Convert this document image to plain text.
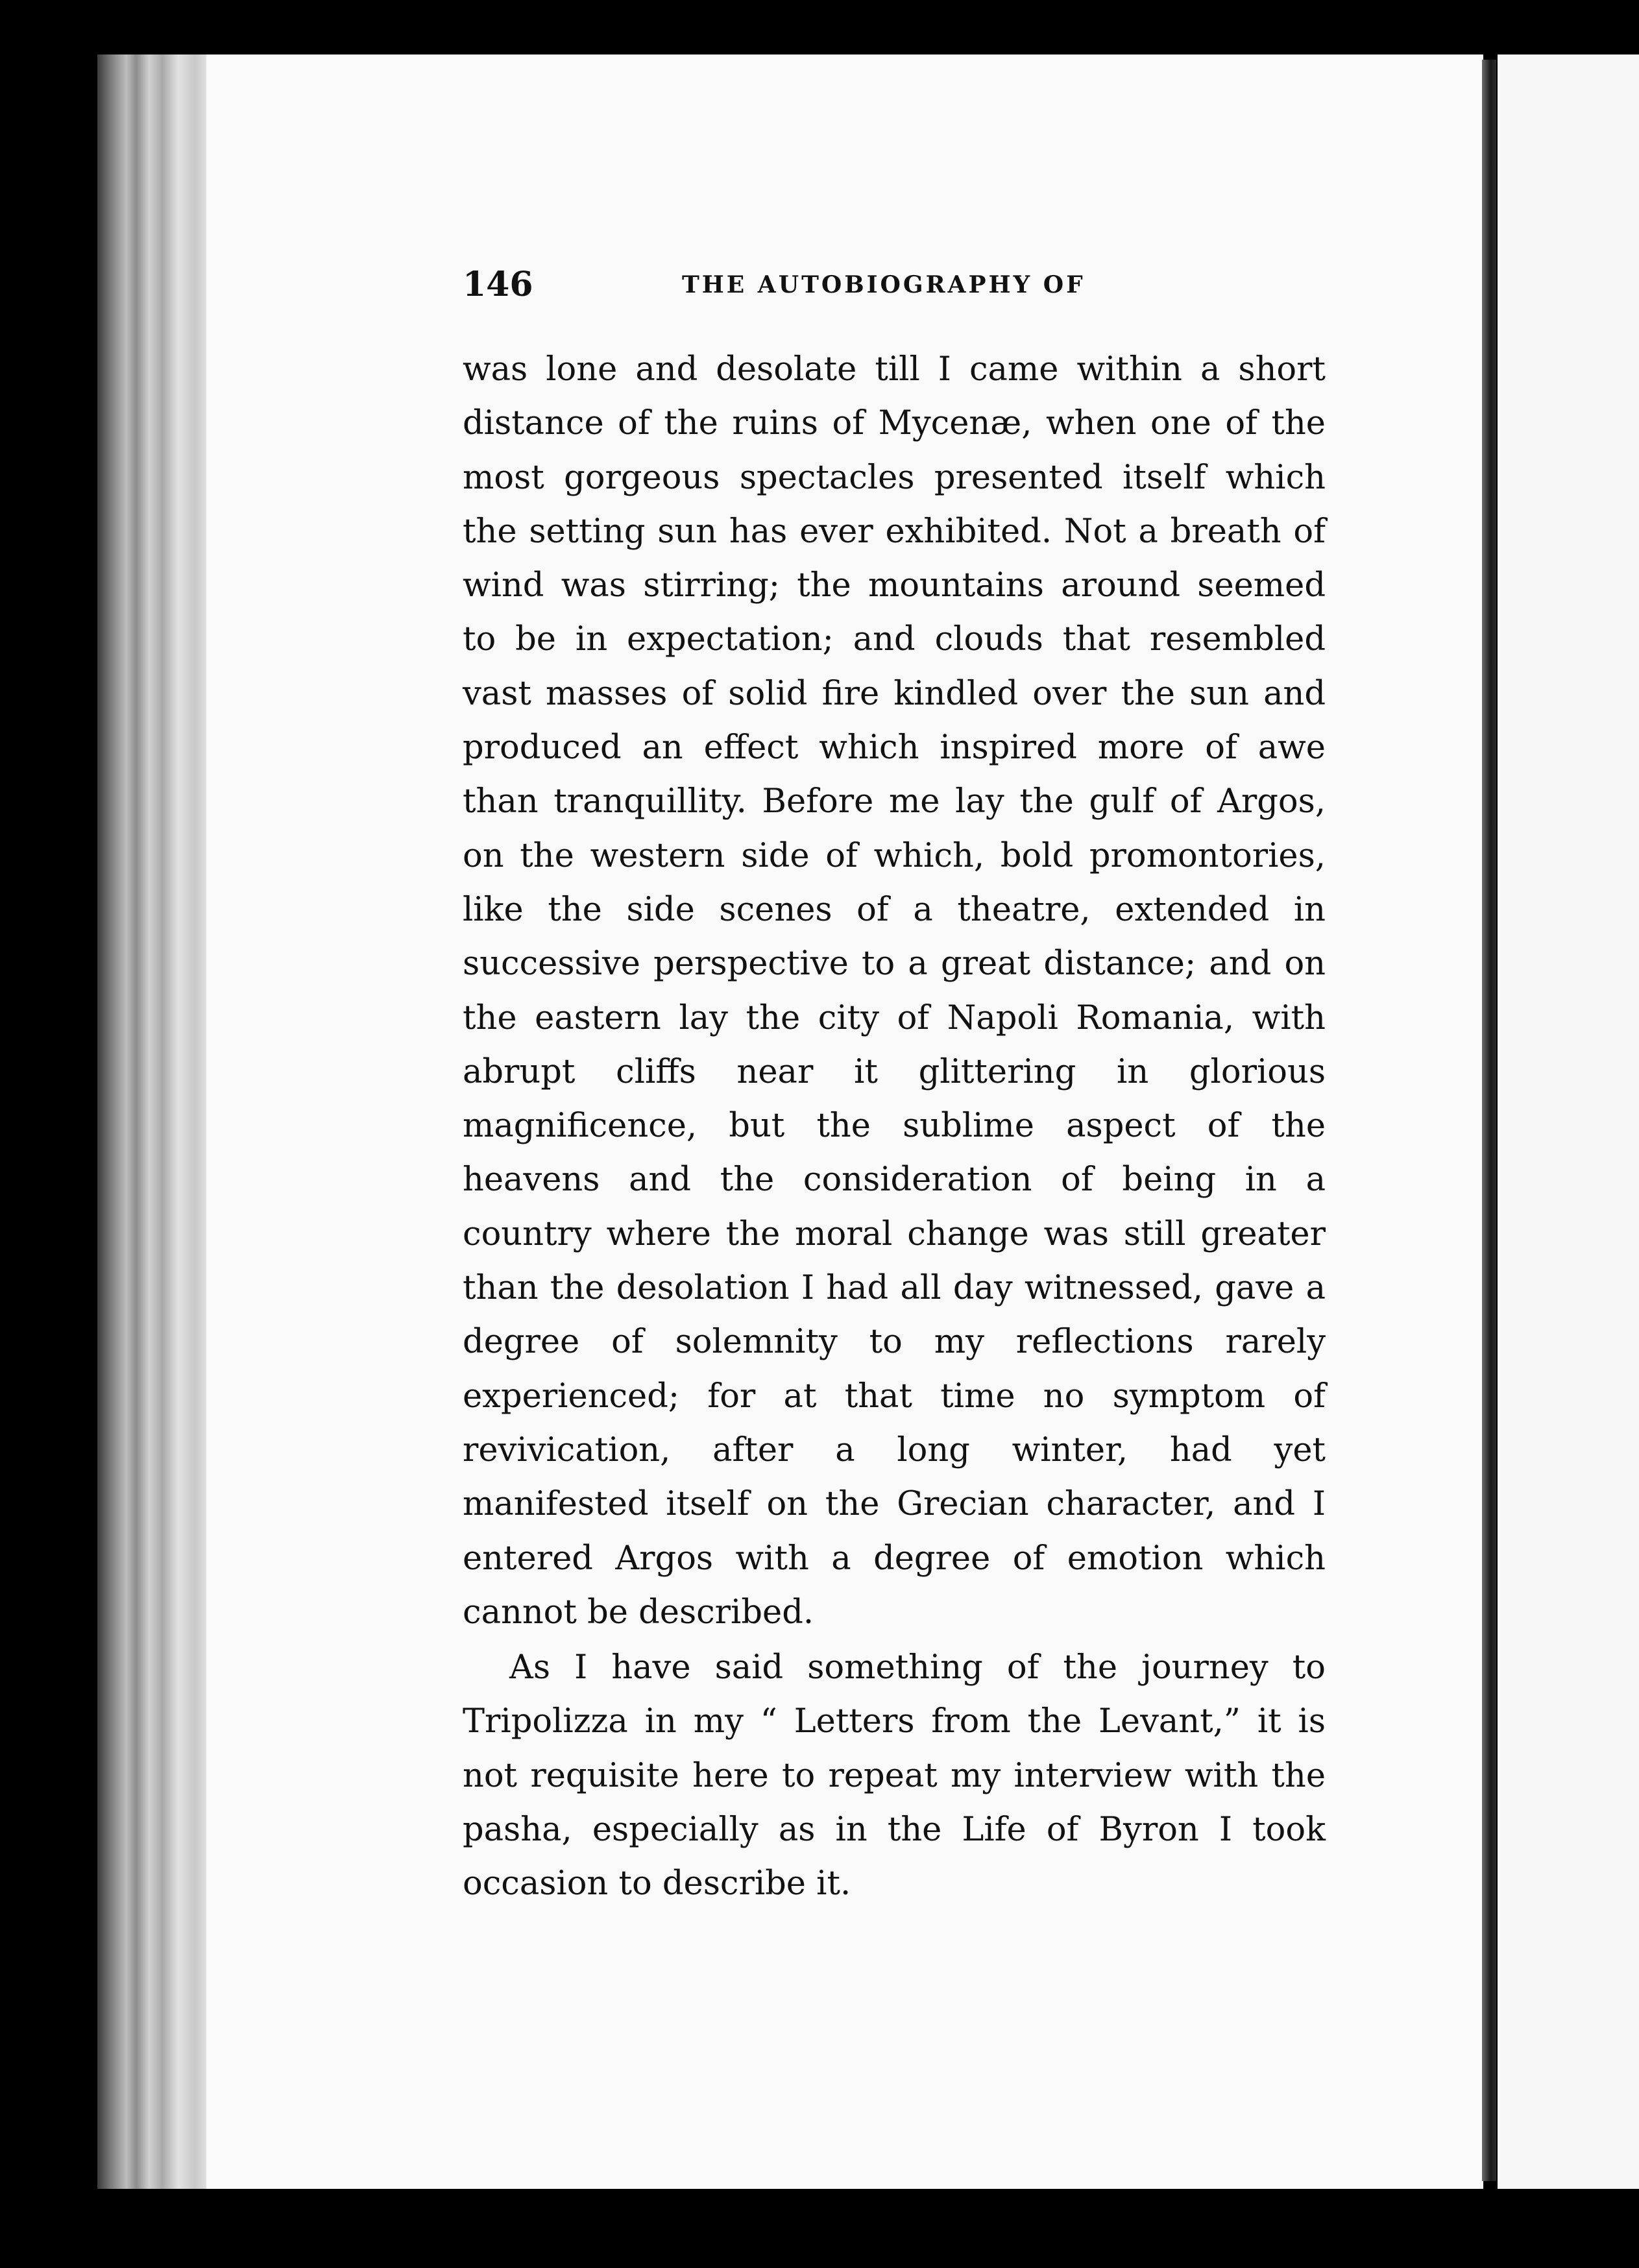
146	THE AUTOBIOGRAPHY OF

was lone and desolate till I came within a short distance of the ruins of Mycenæ, when one of the most gorgeous spectacles presented itself which the setting sun has ever exhibited. Not a breath of wind was stirring; the mountains around seemed to be in expectation; and clouds that resembled vast masses of solid fire kindled over the sun and produced an effect which inspired more of awe than tranquillity. Before me lay the gulf of Argos, on the western side of which, bold promontories, like the side scenes of a theatre, extended in successive perspective to a great distance; and on the eastern lay the city of Napoli Romania, with abrupt cliffs near it glittering in glorious magnificence, but the sublime aspect of the heavens and the consideration of being in a country where the moral change was still greater than the desolation I had all day witnessed, gave a degree of solemnity to my reflections rarely experienced; for at that time no symptom of revivication, after a long winter, had yet manifested itself on the Grecian character, and I entered Argos with a degree of emotion which cannot be described.

As I have said something of the journey to Tripolizza in my “ Letters from the Levant,” it is not requisite here to repeat my interview with the pasha, especially as in the Life of Byron I took occasion to describe it.
